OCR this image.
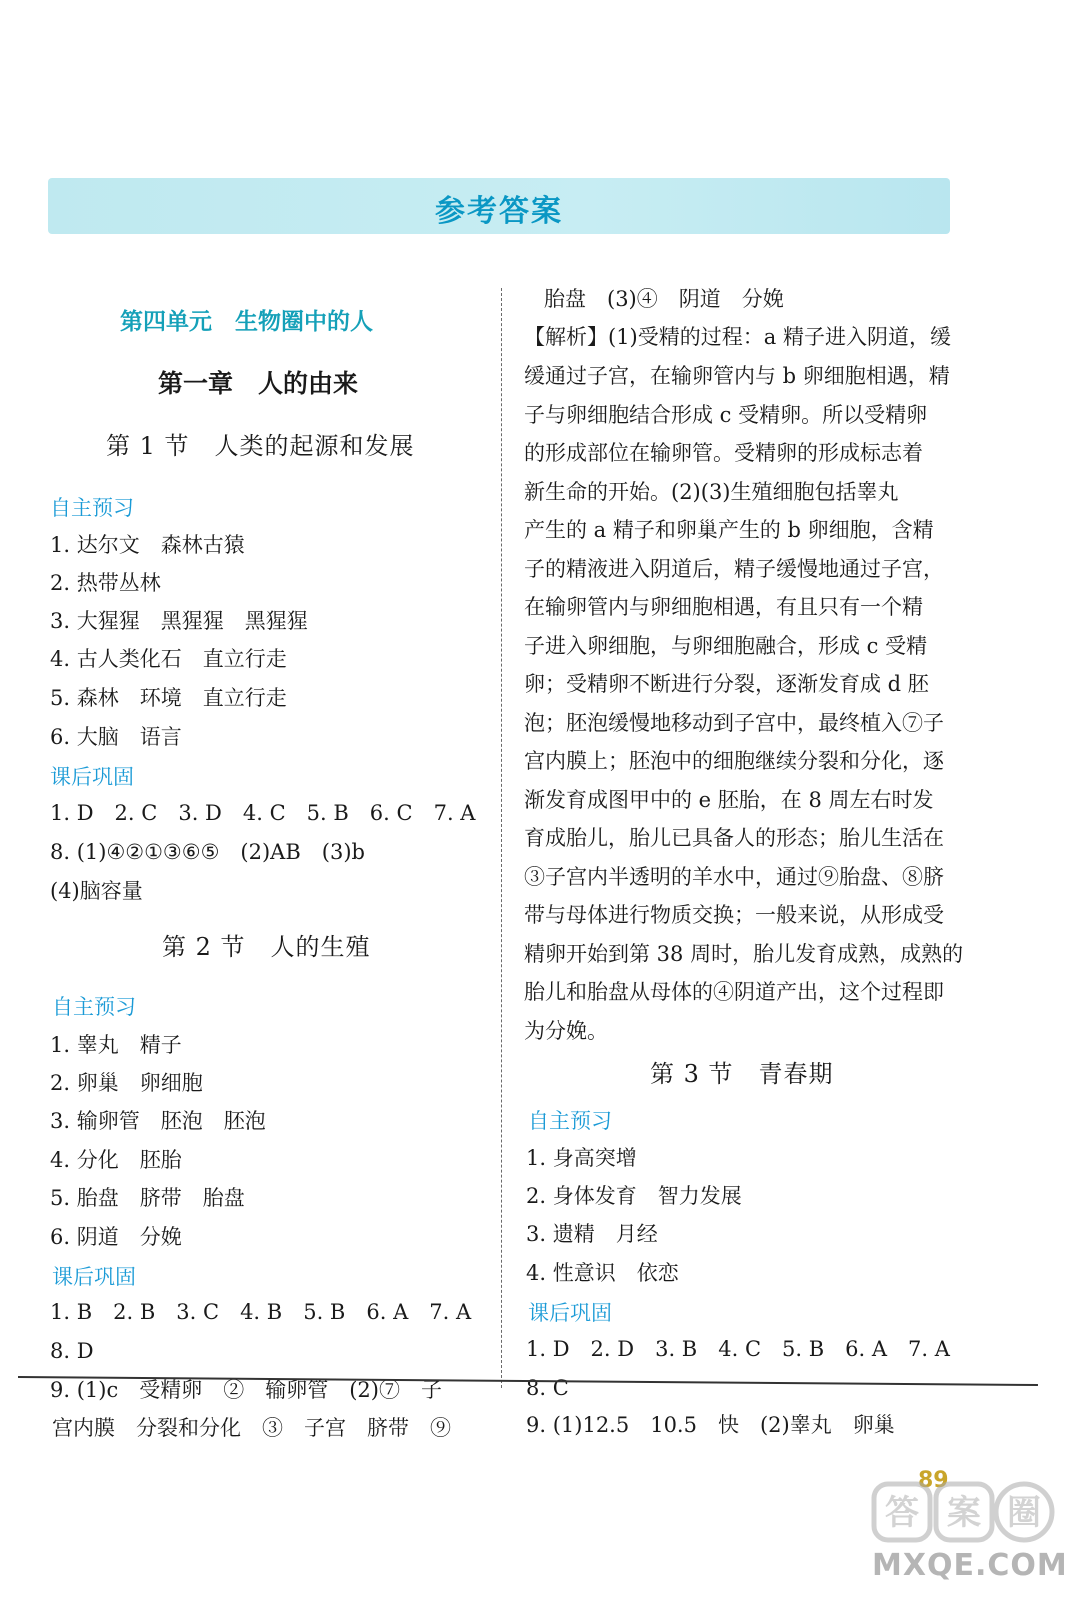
参考答案
第四单元　生物圈中的人
第一章　人的由来
第 1 节　人类的起源和发展
自主预习
1. 达尔文　森林古猿
2. 热带丛林
3. 大猩猩　黑猩猩　黑猩猩
4. 古人类化石　直立行走
5. 森林　环境　直立行走
6. 大脑　语言
课后巩固
1. D　2. C　3. D　4. C　5. B　6. C　7. A
8. (1)④②①③⑥⑤　(2)AB　(3)b
(4)脑容量
第 2 节　人的生殖
自主预习
1. 睾丸　精子
2. 卵巢　卵细胞
3. 输卵管　胚泡　胚泡
4. 分化　胚胎
5. 胎盘　脐带　胎盘
6. 阴道　分娩
课后巩固
1. B　2. B　3. C　4. B　5. B　6. A　7. A
8. D
9. (1)c　受精卵　②　输卵管　(2)⑦　子
宫内膜　分裂和分化　③　子宫　脐带　⑨
胎盘　(3)④　阴道　分娩
【解析】(1)受精的过程：a 精子进入阴道，缓
缓通过子宫，在输卵管内与 b 卵细胞相遇，精
子与卵细胞结合形成 c 受精卵。所以受精卵
的形成部位在输卵管。受精卵的形成标志着
新生命的开始。(2)(3)生殖细胞包括睾丸
产生的 a 精子和卵巢产生的 b 卵细胞，含精
子的精液进入阴道后，精子缓慢地通过子宫，
在输卵管内与卵细胞相遇，有且只有一个精
子进入卵细胞，与卵细胞融合，形成 c 受精
卵；受精卵不断进行分裂，逐渐发育成 d 胚
泡；胚泡缓慢地移动到子宫中，最终植入⑦子
宫内膜上；胚泡中的细胞继续分裂和分化，逐
渐发育成图甲中的 e 胚胎，在 8 周左右时发
育成胎儿，胎儿已具备人的形态；胎儿生活在
③子宫内半透明的羊水中，通过⑨胎盘、⑧脐
带与母体进行物质交换；一般来说，从形成受
精卵开始到第 38 周时，胎儿发育成熟，成熟的
胎儿和胎盘从母体的④阴道产出，这个过程即
为分娩。
第 3 节　青春期
自主预习
1. 身高突增
2. 身体发育　智力发展
3. 遗精　月经
4. 性意识　依恋
课后巩固
1. D　2. D　3. B　4. C　5. B　6. A　7. A
8. C
9. (1)12.5　10.5　快　(2)睾丸　卵巢
89
答 案 圈
MXQE.COM
